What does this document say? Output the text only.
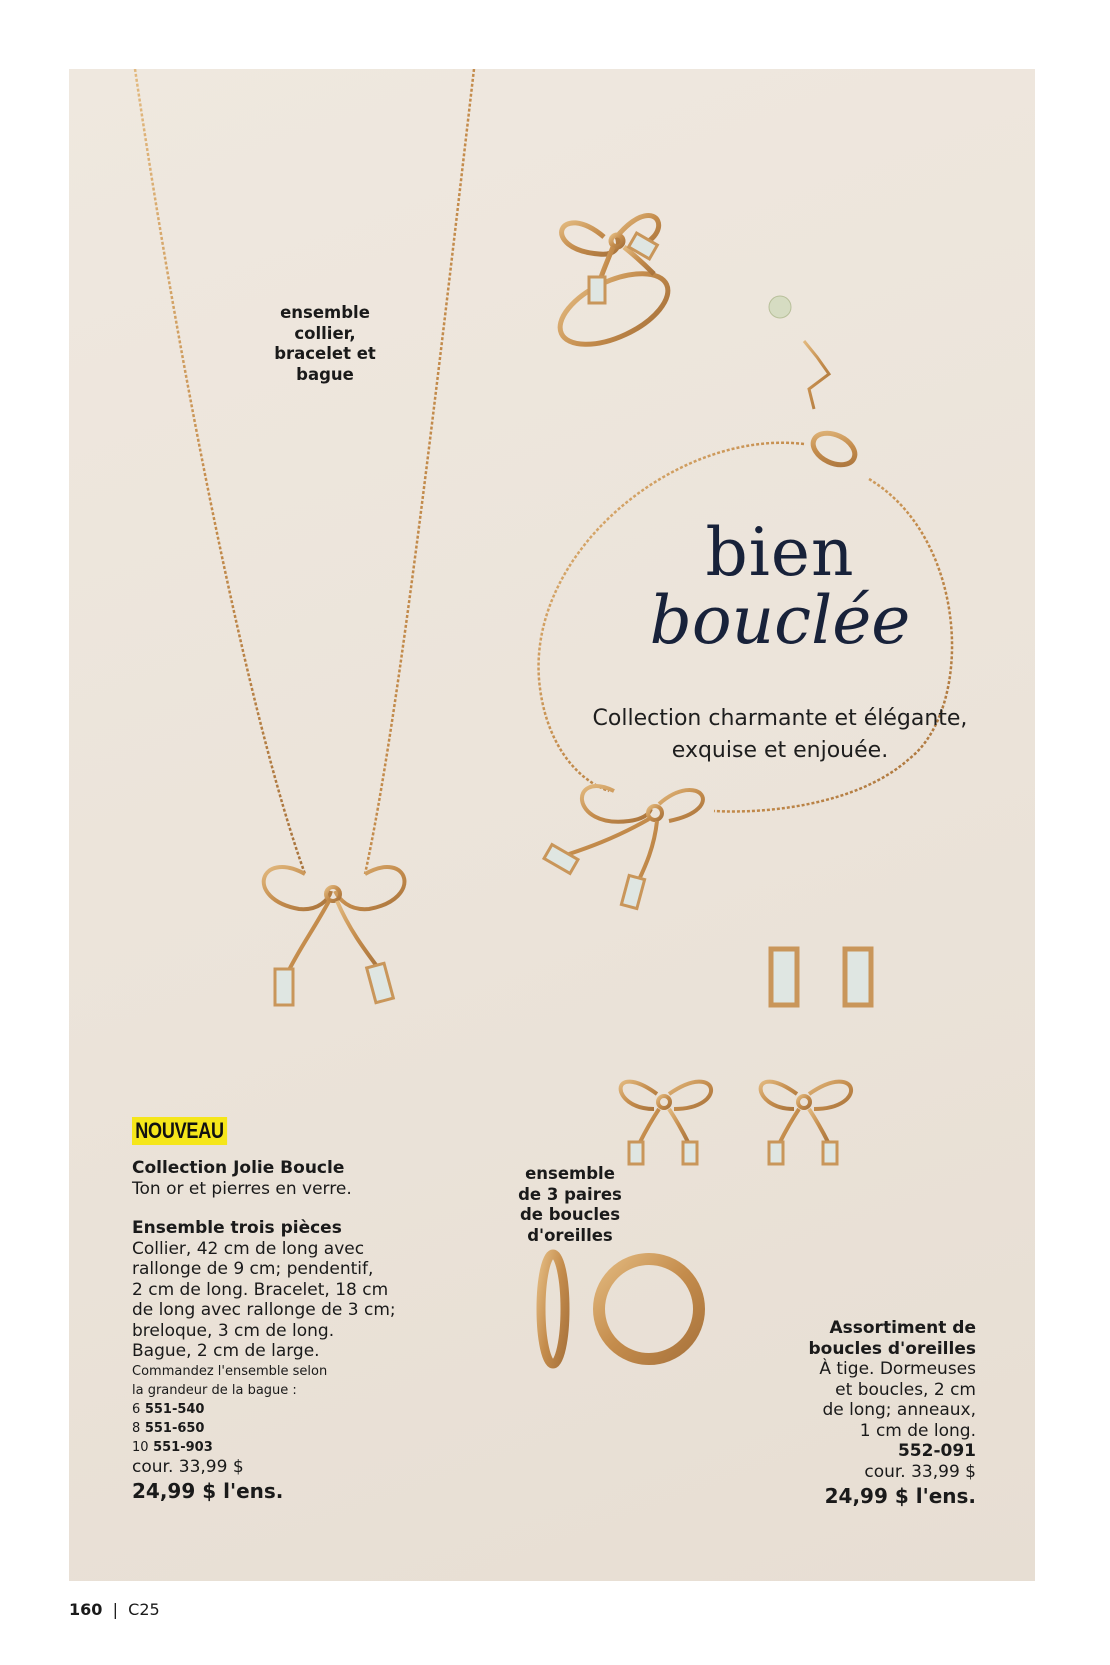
ensemble
collier,
bracelet et
bague
bien
bouclée
Collection charmante et élégante,
exquise et enjouée.
NOUVEAU
Collection Jolie Boucle
Ton or et pierres en verre.
Ensemble trois pièces
Collier, 42 cm de long avec
rallonge de 9 cm; pendentif,
2 cm de long. Bracelet, 18 cm
de long avec rallonge de 3 cm;
breloque, 3 cm de long.
Bague, 2 cm de large.
Commandez l'ensemble selon
la grandeur de la bague :
6 551-540
8 551-650
10 551-903
cour. 33,99 $
24,99 $ l'ens.
ensemble
de 3 paires
de boucles
d'oreilles
Assortiment de
boucles d'oreilles
À tige. Dormeuses
et boucles, 2 cm
de long; anneaux,
1 cm de long.
552-091
cour. 33,99 $
24,99 $ l'ens.
160  |  C25
